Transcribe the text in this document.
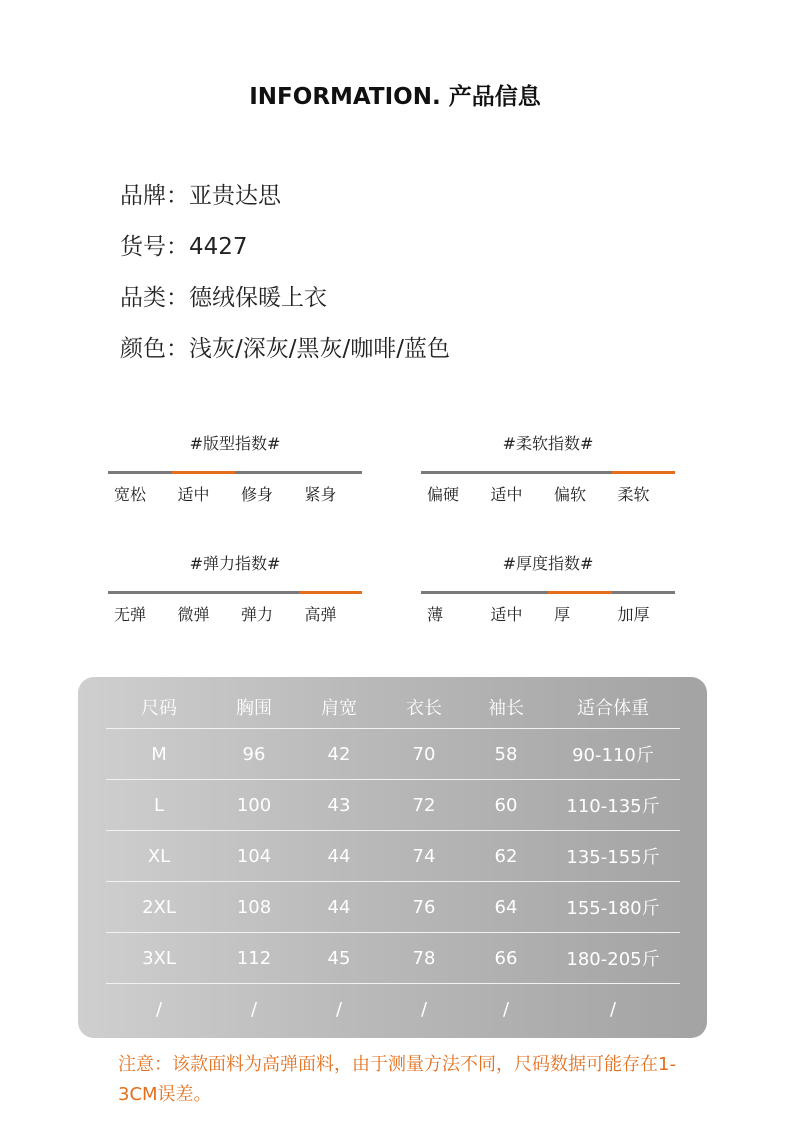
INFORMATION. 产品信息
品牌：亚贵达思
货号：4427
品类：德绒保暖上衣
颜色：浅灰/深灰/黑灰/咖啡/蓝色
#版型指数#
宽松	适中	修身	紧身
#柔软指数#
偏硬	适中	偏软	柔软
#弹力指数#
无弹	微弹	弹力	高弹
#厚度指数#
薄	适中	厚	加厚
尺码	胸围	肩宽	衣长	袖长	适合体重
M	96	42	70	58	90-110斤
L	100	43	72	60	110-135斤
XL	104	44	74	62	135-155斤
2XL	108	44	76	64	155-180斤
3XL	112	45	78	66	180-205斤
/	/	/	/	/	/
注意：该款面料为高弹面料，由于测量方法不同，尺码数据可能存在1-3CM误差。
